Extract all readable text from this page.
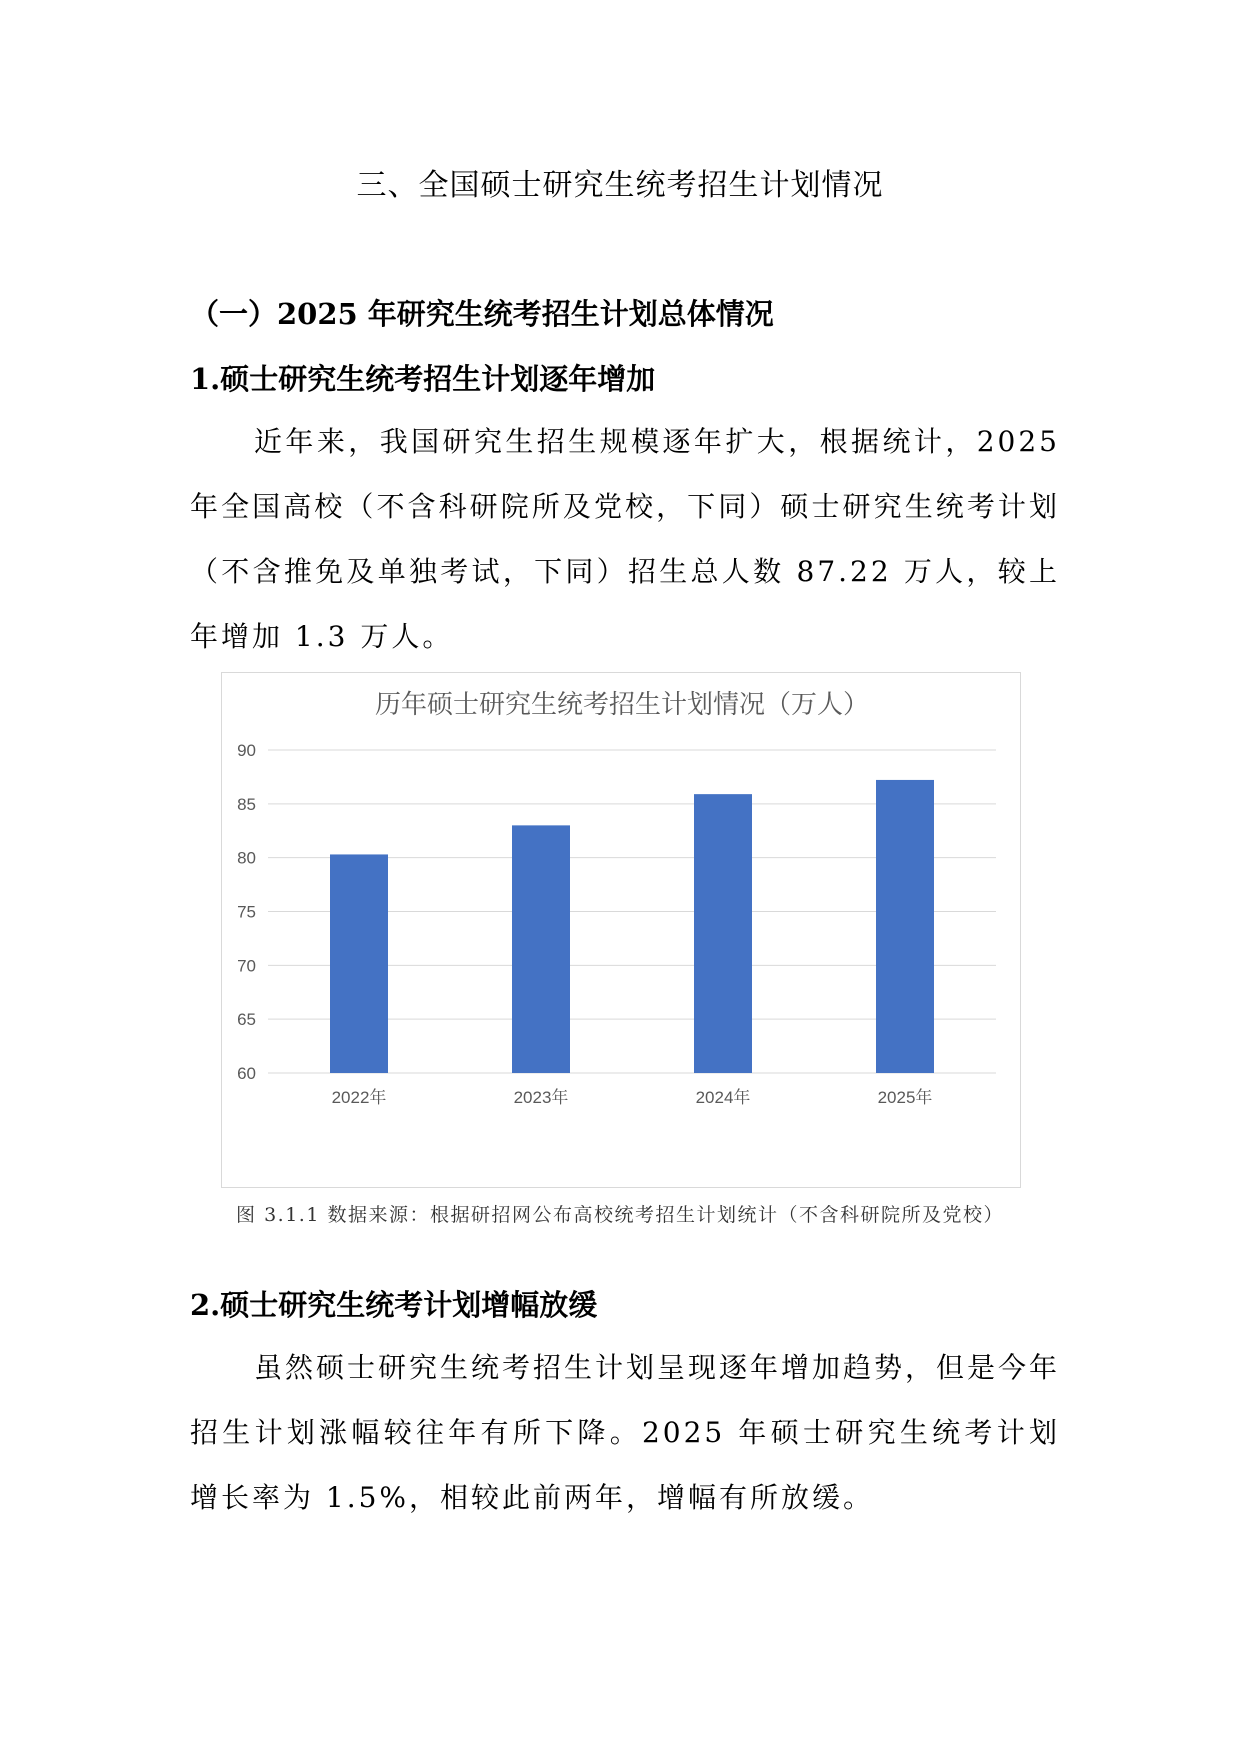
三、全国硕士研究生统考招生计划情况
（一）2025 年研究生统考招生计划总体情况
1.硕士研究生统考招生计划逐年增加

近年来，我国研究生招生规模逐年扩大，根据统计，2025年全国高校（不含科研院所及党校，下同）硕士研究生统考计划（不含推免及单独考试，下同）招生总人数 87.22 万人，较上年增加 1.3 万人。

历年硕士研究生统考招生计划情况（万人）
60
65
70
75
80
85
90
2022年	2023年	2024年	2025年
图 3.1.1 数据来源：根据研招网公布高校统考招生计划统计（不含科研院所及党校）
2.硕士研究生统考计划增幅放缓

虽然硕士研究生统考招生计划呈现逐年增加趋势，但是今年招生计划涨幅较往年有所下降。2025 年硕士研究生统考计划增长率为 1.5%，相较此前两年，增幅有所放缓。
